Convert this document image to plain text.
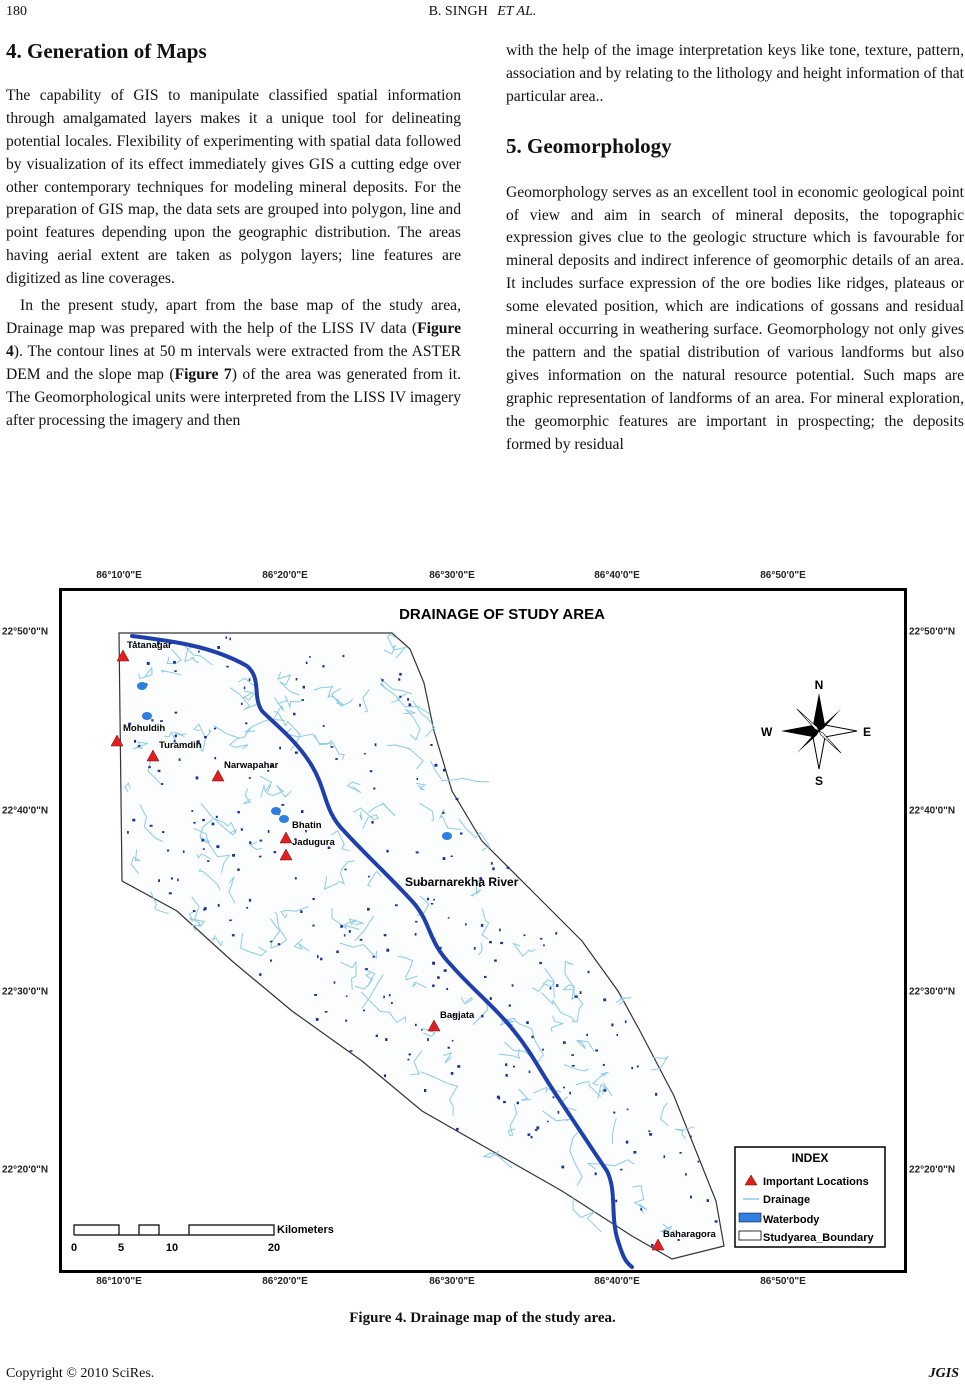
180	B. SINGH ET AL.
4. Generation of Maps

The capability of GIS to manipulate classified spatial information through amalgamated layers makes it a unique tool for delineating potential locales. Flexibility of experimenting with spatial data followed by visualization of its effect immediately gives GIS a cutting edge over other contemporary techniques for modeling mineral deposits. For the preparation of GIS map, the data sets are grouped into polygon, line and point features depending upon the geographic distribution. The areas having aerial extent are taken as polygon layers; line features are digitized as line coverages.

In the present study, apart from the base map of the study area, Drainage map was prepared with the help of the LISS IV data (Figure 4). The contour lines at 50 m intervals were extracted from the ASTER DEM and the slope map (Figure 7) of the area was generated from it. The Geomorphological units were interpreted from the LISS IV imagery after processing the imagery and then

with the help of the image interpretation keys like tone, texture, pattern, association and by relating to the lithology and height information of that particular area..

5. Geomorphology

Geomorphology serves as an excellent tool in economic geological point of view and aim in search of mineral deposits, the topographic expression gives clue to the geologic structure which is favourable for mineral deposits and indirect inference of geomorphic details of an area. It includes surface expression of the ore bodies like ridges, plateaus or some elevated position, which are indications of gossans and residual mineral occurring in weathering surface. Geomorphology not only gives the pattern and the spatial distribution of various landforms but also gives information on the natural resource potential. Such maps are graphic representation of landforms of an area. For mineral exploration, the geomorphic features are important in prospecting; the deposits formed by residual

86°10'0"E
86°10'0"E
86°20'0"E
86°20'0"E
86°30'0"E
86°30'0"E
86°40'0"E
86°40'0"E
86°50'0"E
86°50'0"E
22°50'0"N	22°50'0"N
22°40'0"N	22°40'0"N
22°30'0"N	22°30'0"N
22°20'0"N	22°20'0"N
DRAINAGE OF STUDY AREA
Subarnarekha River
Tatanagar
Mohuldih
Turamdih
Narwapahar
Bhatin
Jadugura
Bagjata
Baharagora
N
S
E
W
Kilometers
0	5	10	20
INDEX
Important Locations
Drainage
Waterbody
Studyarea_Boundary
Figure 4. Drainage map of the study area.
Copyright © 2010 SciRes.	JGIS
